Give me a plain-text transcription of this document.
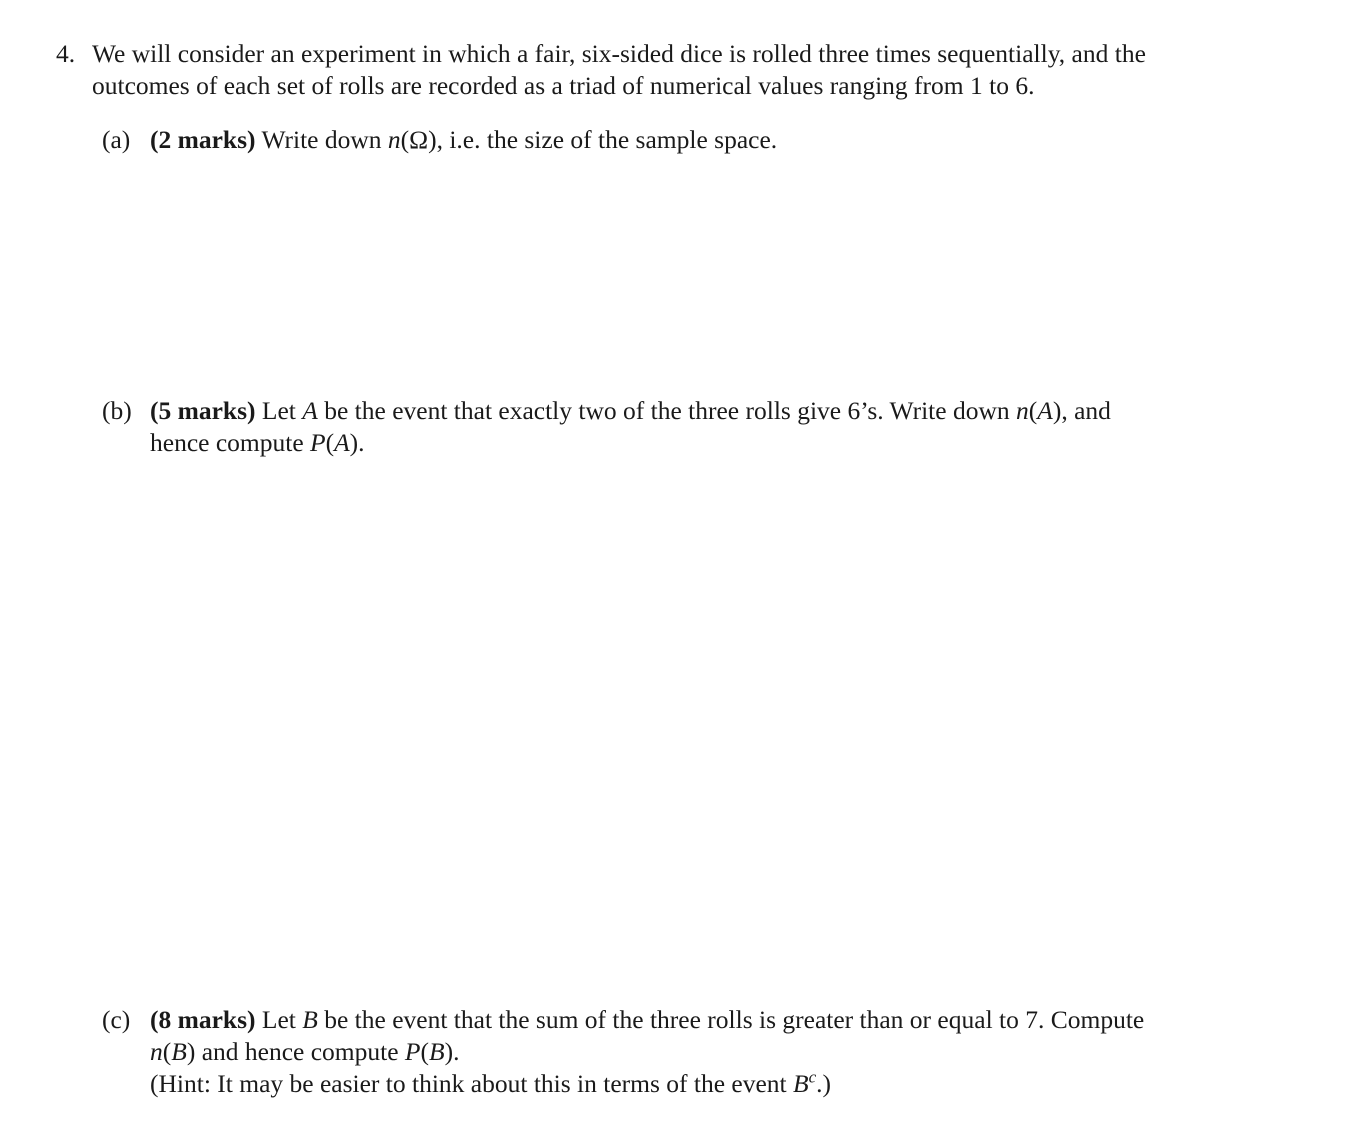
4. We will consider an experiment in which a fair, six-sided dice is rolled three times sequentially, and the
outcomes of each set of rolls are recorded as a triad of numerical values ranging from 1 to 6.
(a) (2 marks) Write down n(Ω), i.e. the size of the sample space.
(b) (5 marks) Let A be the event that exactly two of the three rolls give 6’s. Write down n(A), and
hence compute P(A).
(c) (8 marks) Let B be the event that the sum of the three rolls is greater than or equal to 7. Compute
n(B) and hence compute P(B).
(Hint: It may be easier to think about this in terms of the event $B^c$.)
